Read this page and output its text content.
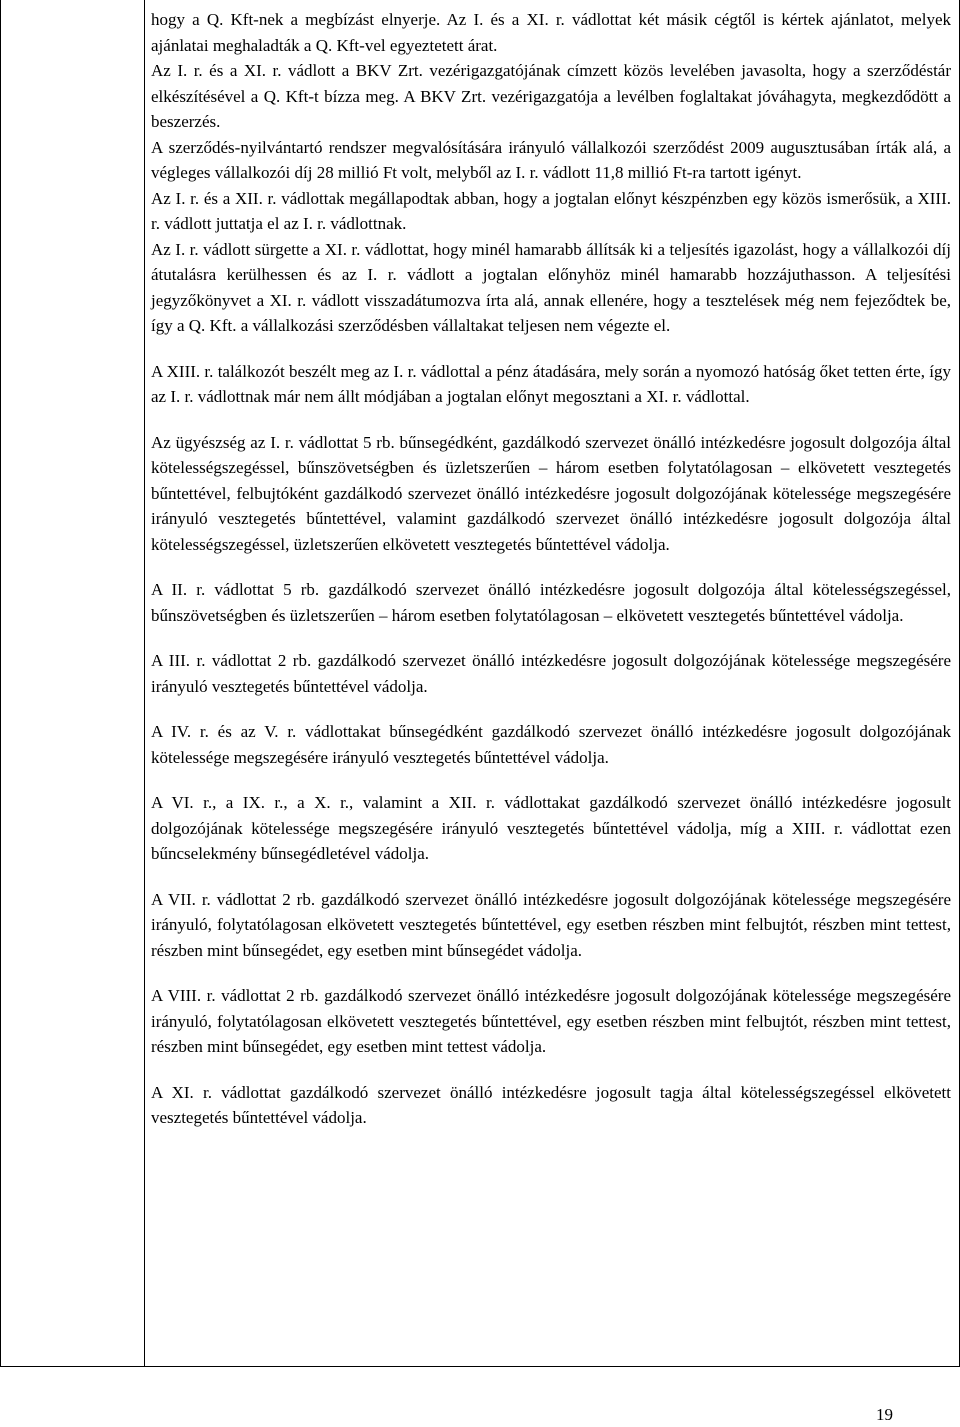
hogy a Q. Kft-nek a megbízást elnyerje. Az I. és a XI. r. vádlottat két másik cégtől is kértek ajánlatot, melyek ajánlatai meghaladták a Q. Kft-vel egyeztetett árat.

Az I. r. és a XI. r. vádlott a BKV Zrt. vezérigazgatójának címzett közös levelében javasolta, hogy a szerződéstár elkészítésével a Q. Kft-t bízza meg. A BKV Zrt. vezérigazgatója a levélben foglaltakat jóváhagyta, megkezdődött a beszerzés.

A szerződés-nyilvántartó rendszer megvalósítására irányuló vállalkozói szerződést 2009 augusztusában írták alá, a végleges vállalkozói díj 28 millió Ft volt, melyből az I. r. vádlott 11,8 millió Ft-ra tartott igényt.

Az I. r. és a XII. r. vádlottak megállapodtak abban, hogy a jogtalan előnyt készpénzben egy közös ismerősük, a XIII. r. vádlott juttatja el az I. r. vádlottnak.

Az I. r. vádlott sürgette a XI. r. vádlottat, hogy minél hamarabb állítsák ki a teljesítés igazolást, hogy a vállalkozói díj átutalásra kerülhessen és az I. r. vádlott a jogtalan előnyhöz minél hamarabb hozzájuthasson. A teljesítési jegyzőkönyvet a XI. r. vádlott visszadátumozva írta alá, annak ellenére, hogy a tesztelések még nem fejeződtek be, így a Q. Kft. a vállalkozási szerződésben vállaltakat teljesen nem végezte el.

A XIII. r. találkozót beszélt meg az I. r. vádlottal a pénz átadására, mely során a nyomozó hatóság őket tetten érte, így az I. r. vádlottnak már nem állt módjában a jogtalan előnyt megosztani a XI. r. vádlottal.

Az ügyészség az I. r. vádlottat 5 rb. bűnsegédként, gazdálkodó szervezet önálló intézkedésre jogosult dolgozója által kötelességszegéssel, bűnszövetségben és üzletszerűen – három esetben folytatólagosan – elkövetett vesztegetés bűntettével, felbujtóként gazdálkodó szervezet önálló intézkedésre jogosult dolgozójának kötelessége megszegésére irányuló vesztegetés bűntettével, valamint gazdálkodó szervezet önálló intézkedésre jogosult dolgozója által kötelességszegéssel, üzletszerűen elkövetett vesztegetés bűntettével vádolja.

A II. r. vádlottat 5 rb. gazdálkodó szervezet önálló intézkedésre jogosult dolgozója által kötelességszegéssel, bűnszövetségben és üzletszerűen – három esetben folytatólagosan – elkövetett vesztegetés bűntettével vádolja.

A III. r. vádlottat 2 rb. gazdálkodó szervezet önálló intézkedésre jogosult dolgozójának kötelessége megszegésére irányuló vesztegetés bűntettével vádolja.

A IV. r. és az V. r. vádlottakat bűnsegédként gazdálkodó szervezet önálló intézkedésre jogosult dolgozójának kötelessége megszegésére irányuló vesztegetés bűntettével vádolja.

A VI. r., a IX. r., a X. r., valamint a XII. r. vádlottakat gazdálkodó szervezet önálló intézkedésre jogosult dolgozójának kötelessége megszegésére irányuló vesztegetés bűntettével vádolja, míg a XIII. r. vádlottat ezen bűncselekmény bűnsegédletével vádolja.

A VII. r. vádlottat 2 rb. gazdálkodó szervezet önálló intézkedésre jogosult dolgozójának kötelessége megszegésére irányuló, folytatólagosan elkövetett vesztegetés bűntettével, egy esetben részben mint felbujtót, részben mint tettest, részben mint bűnsegédet, egy esetben mint bűnsegédet vádolja.

A VIII. r. vádlottat 2 rb. gazdálkodó szervezet önálló intézkedésre jogosult dolgozójának kötelessége megszegésére irányuló, folytatólagosan elkövetett vesztegetés bűntettével, egy esetben részben mint felbujtót, részben mint tettest, részben mint bűnsegédet, egy esetben mint tettest vádolja.

A XI. r. vádlottat gazdálkodó szervezet önálló intézkedésre jogosult tagja által kötelességszegéssel elkövetett vesztegetés bűntettével vádolja.

19
